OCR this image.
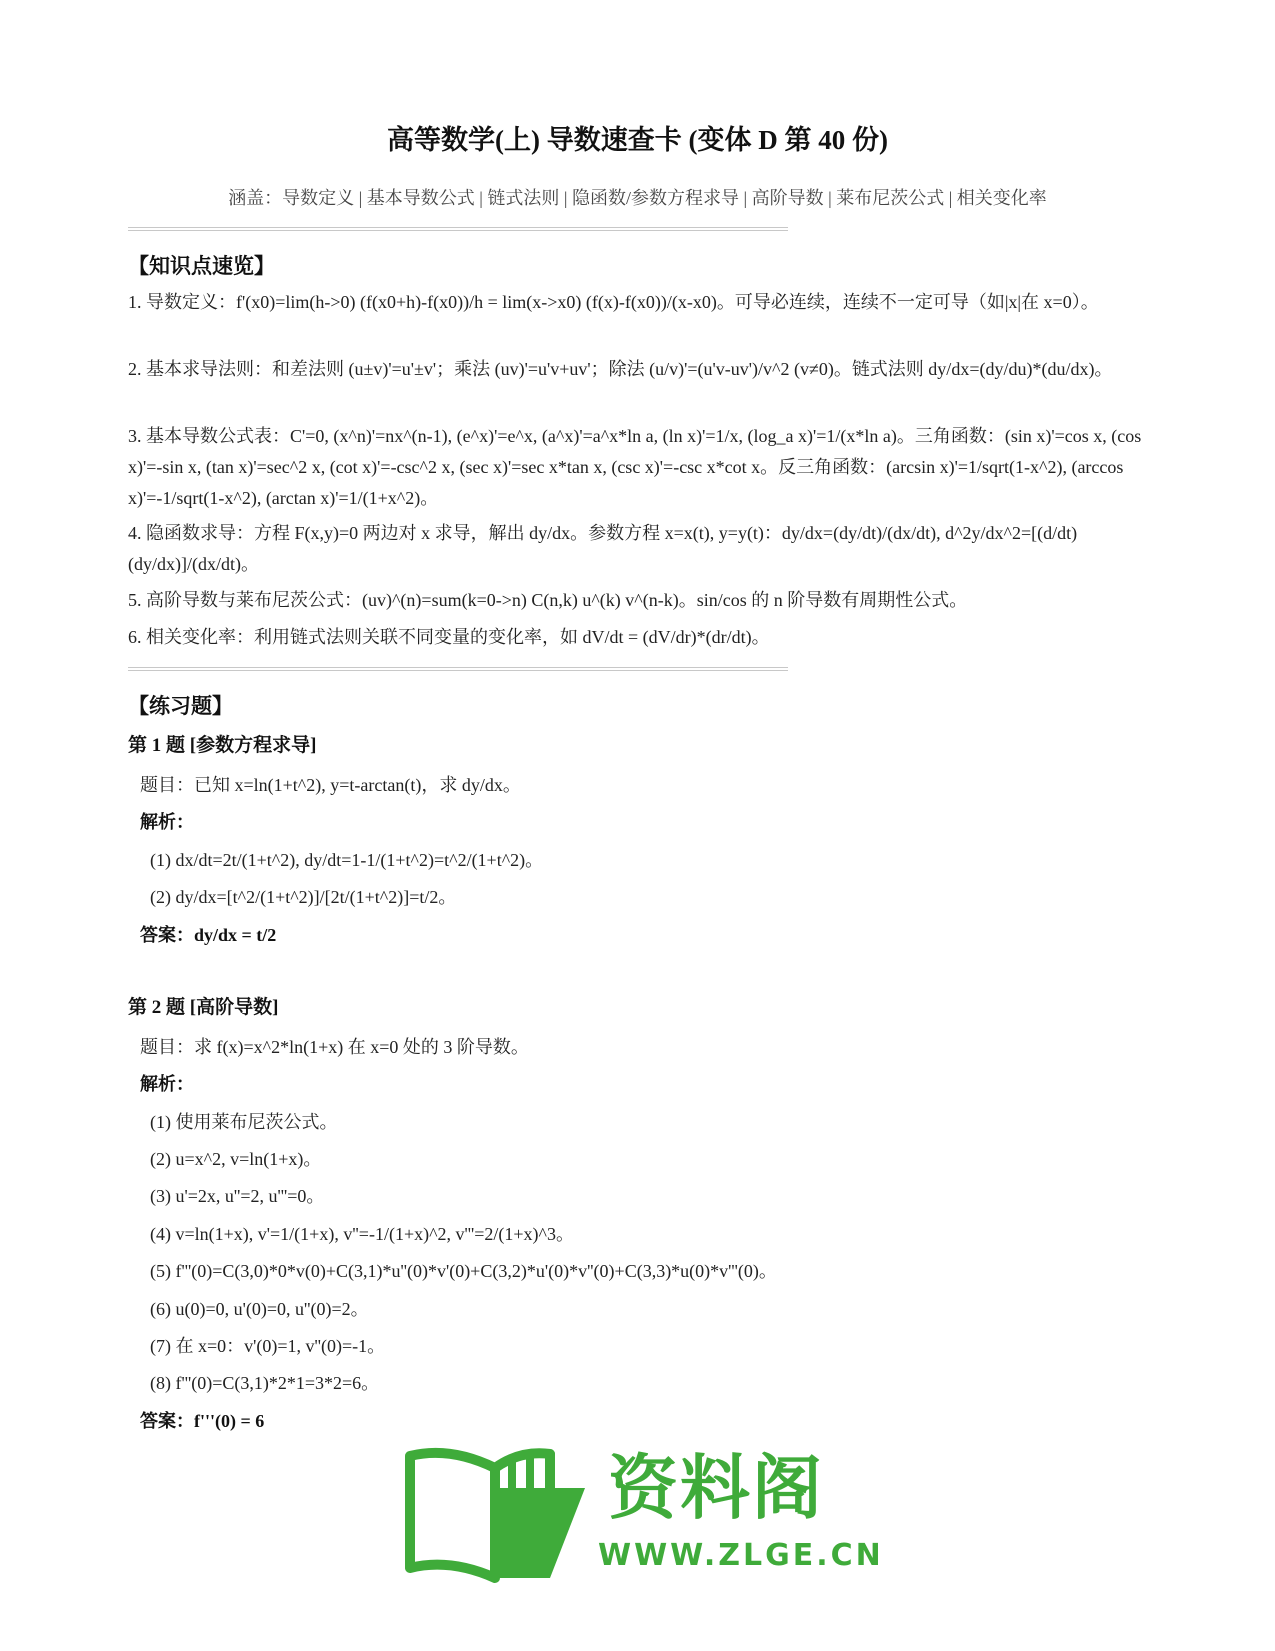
高等数学(上) 导数速查卡 (变体 D 第 40 份)
涵盖：导数定义 | 基本导数公式 | 链式法则 | 隐函数/参数方程求导 | 高阶导数 | 莱布尼茨公式 | 相关变化率
【知识点速览】
1. 导数定义：f'(x0)=lim(h->0) (f(x0+h)-f(x0))/h = lim(x->x0) (f(x)-f(x0))/(x-x0)。可导必连续，连续不一定可导（如|x|在 x=0）。
2. 基本求导法则：和差法则 (u±v)'=u'±v'；乘法 (uv)'=u'v+uv'；除法 (u/v)'=(u'v-uv')/v^2 (v≠0)。链式法则 dy/dx=(dy/du)*(du/dx)。
3. 基本导数公式表：C'=0, (x^n)'=nx^(n-1), (e^x)'=e^x, (a^x)'=a^x*ln a, (ln x)'=1/x, (log_a x)'=1/(x*ln a)。三角函数：(sin x)'=cos x, (cos x)'=-sin x, (tan x)'=sec^2 x, (cot x)'=-csc^2 x, (sec x)'=sec x*tan x, (csc x)'=-csc x*cot x。反三角函数：(arcsin x)'=1/sqrt(1-x^2), (arccos x)'=-1/sqrt(1-x^2), (arctan x)'=1/(1+x^2)。
4. 隐函数求导：方程 F(x,y)=0 两边对 x 求导，解出 dy/dx。参数方程 x=x(t), y=y(t)：dy/dx=(dy/dt)/(dx/dt), d^2y/dx^2=[(d/dt)(dy/dx)]/(dx/dt)。
5. 高阶导数与莱布尼茨公式：(uv)^(n)=sum(k=0->n) C(n,k) u^(k) v^(n-k)。sin/cos 的 n 阶导数有周期性公式。
6. 相关变化率：利用链式法则关联不同变量的变化率，如 dV/dt = (dV/dr)*(dr/dt)。
【练习题】
第 1 题 [参数方程求导]
题目：已知 x=ln(1+t^2), y=t-arctan(t)，求 dy/dx。
解析：
(1) dx/dt=2t/(1+t^2), dy/dt=1-1/(1+t^2)=t^2/(1+t^2)。
(2) dy/dx=[t^2/(1+t^2)]/[2t/(1+t^2)]=t/2。
答案：dy/dx = t/2
第 2 题 [高阶导数]
题目：求 f(x)=x^2*ln(1+x) 在 x=0 处的 3 阶导数。
解析：
(1) 使用莱布尼茨公式。
(2) u=x^2, v=ln(1+x)。
(3) u'=2x, u''=2, u'''=0。
(4) v=ln(1+x), v'=1/(1+x), v''=-1/(1+x)^2, v'''=2/(1+x)^3。
(5) f'''(0)=C(3,0)*0*v(0)+C(3,1)*u''(0)*v'(0)+C(3,2)*u'(0)*v''(0)+C(3,3)*u(0)*v'''(0)。
(6) u(0)=0, u'(0)=0, u''(0)=2。
(7) 在 x=0：v'(0)=1, v''(0)=-1。
(8) f'''(0)=C(3,1)*2*1=3*2=6。
答案：f'''(0) = 6
资料阁
WWW.ZLGE.CN
